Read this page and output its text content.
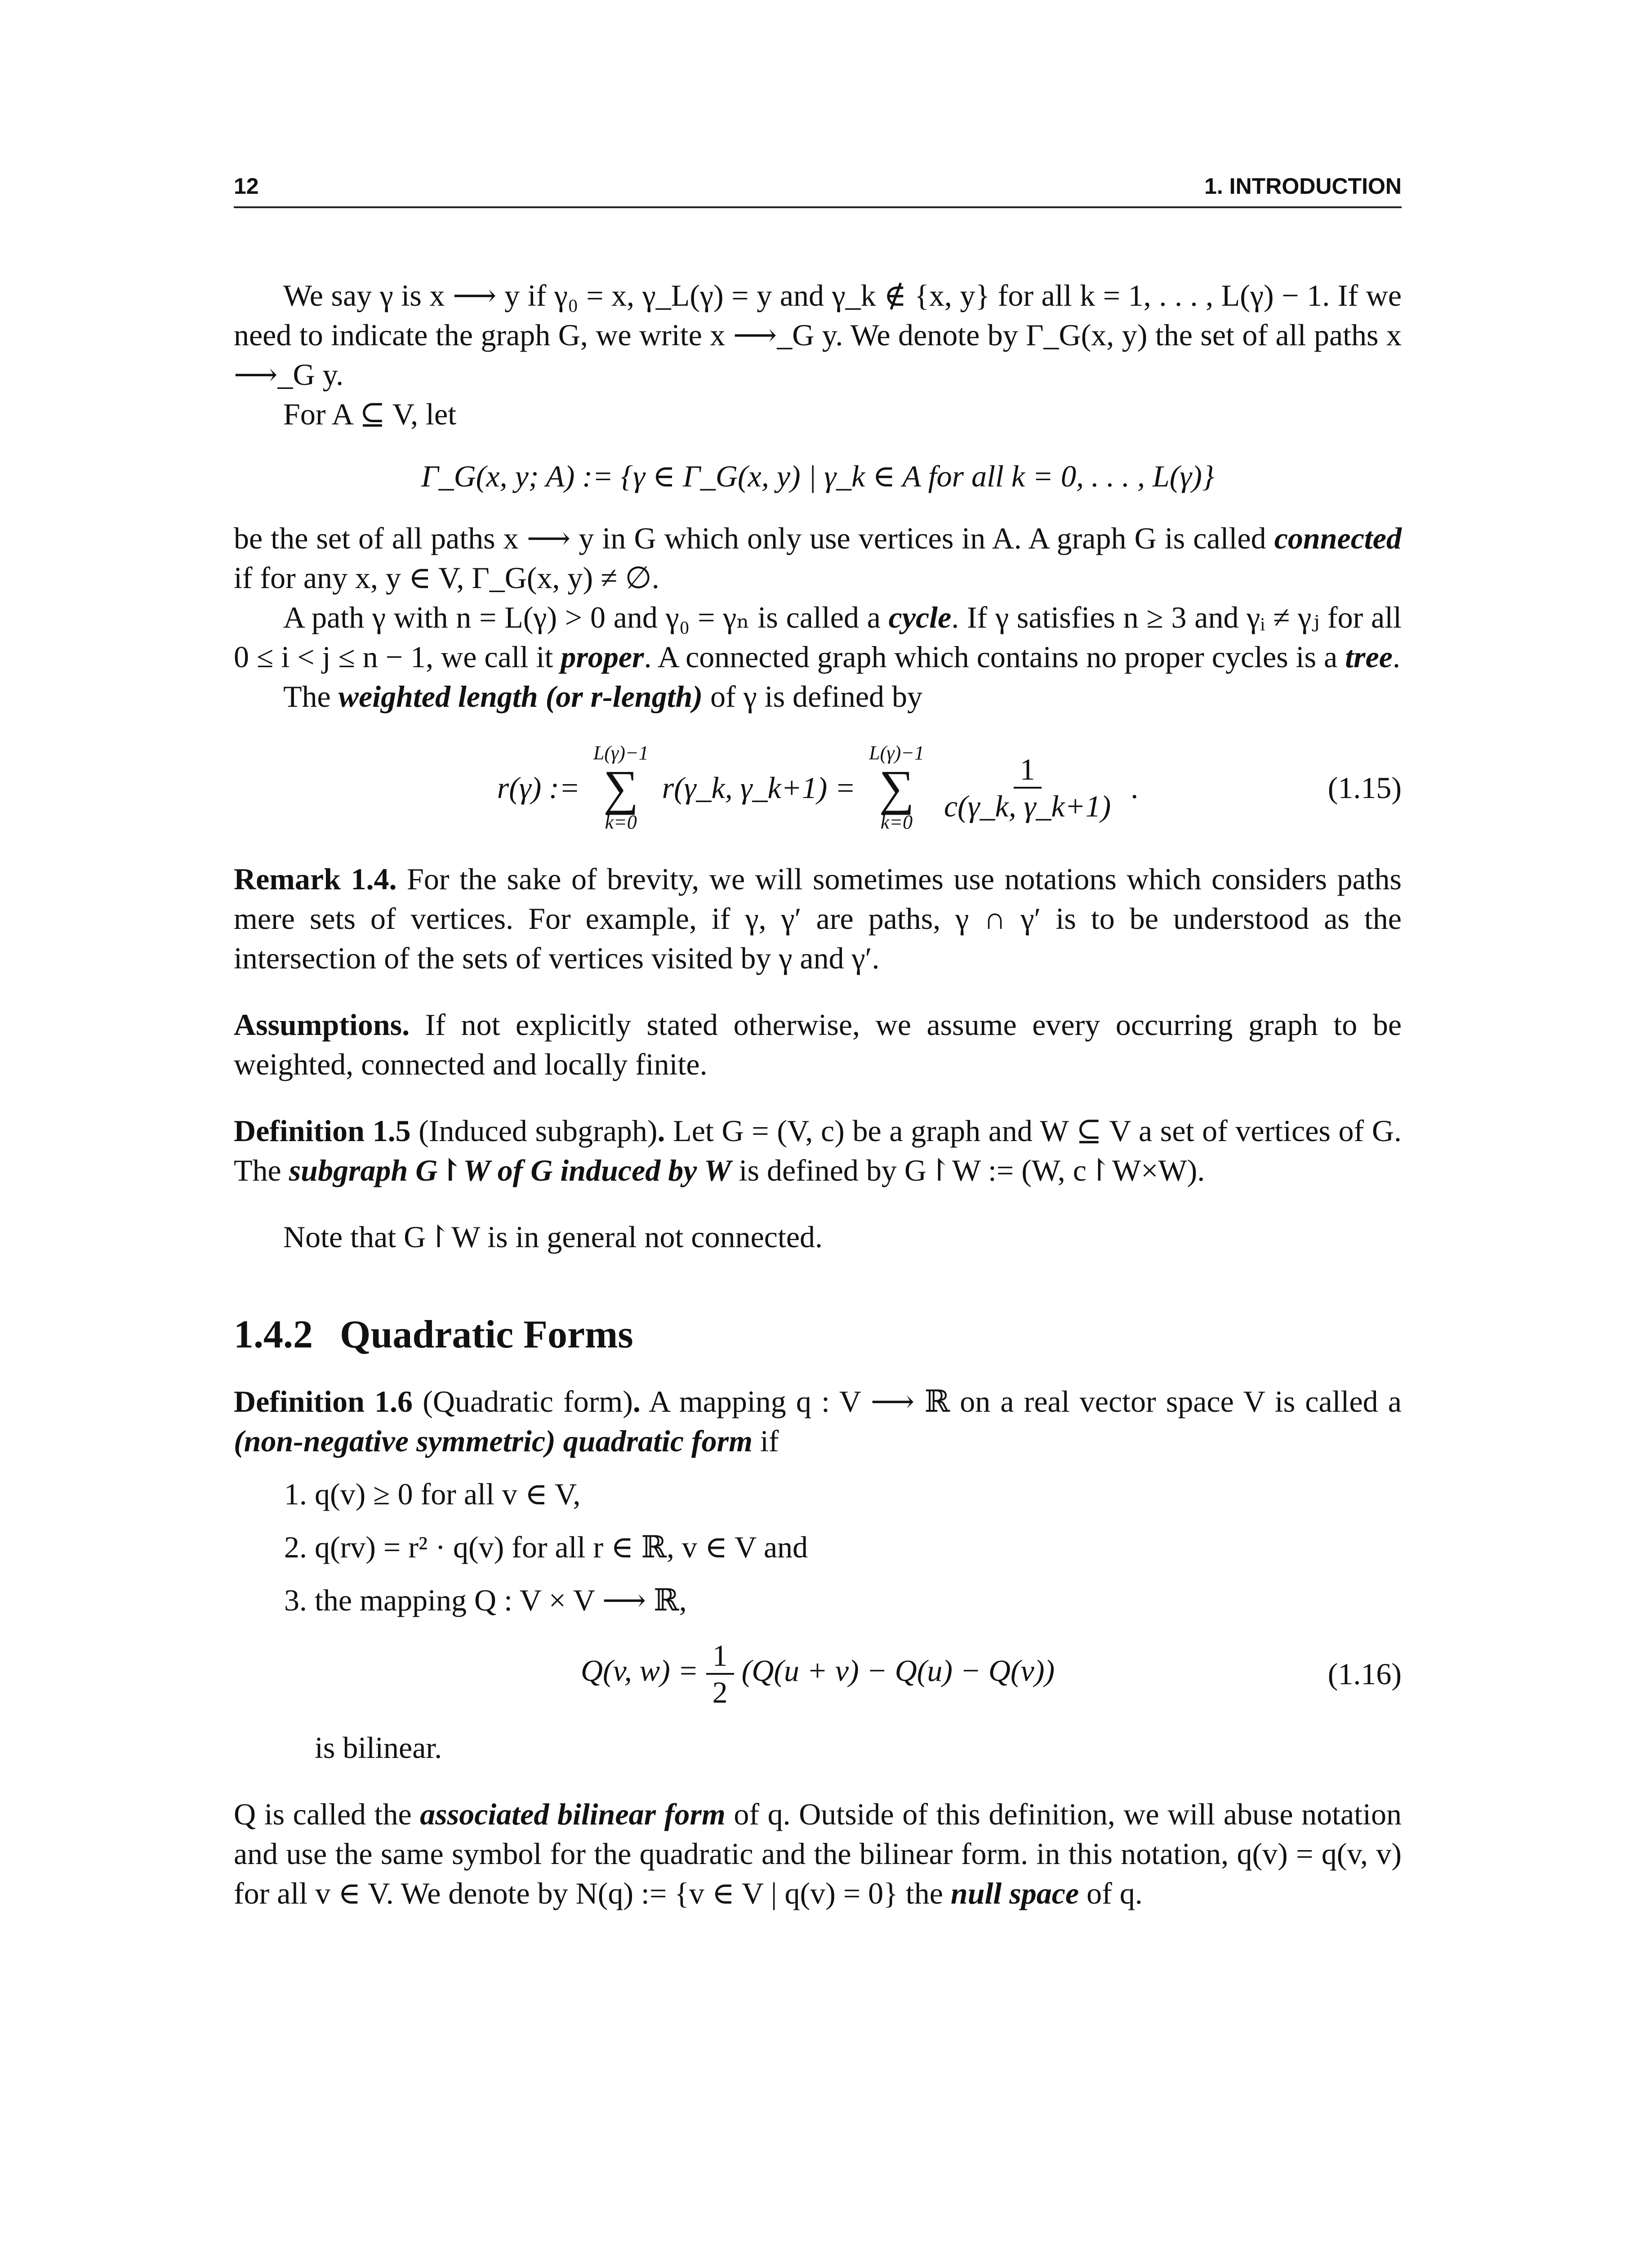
12	1. INTRODUCTION

We say γ is x ⟶ y if γ₀ = x, γ_L(γ) = y and γ_k ∉ {x, y} for all k = 1, . . . , L(γ) − 1. If we need to indicate the graph G, we write x ⟶_G y. We denote by Γ_G(x, y) the set of all paths x ⟶_G y.

For A ⊆ V, let

Γ_G(x, y; A) := {γ ∈ Γ_G(x, y) | γ_k ∈ A for all k = 0, . . . , L(γ)}

be the set of all paths x ⟶ y in G which only use vertices in A. A graph G is called connected if for any x, y ∈ V, Γ_G(x, y) ≠ ∅.

A path γ with n = L(γ) > 0 and γ₀ = γₙ is called a cycle. If γ satisfies n ≥ 3 and γᵢ ≠ γⱼ for all 0 ≤ i < j ≤ n − 1, we call it proper. A connected graph which contains no proper cycles is a tree.

The weighted length (or r-length) of γ is defined by

r(γ) :=
L(γ)−1
∑
k=0
r(γ_k, γ_k+1) =
L(γ)−1
∑
$k=0 \frac{1}{c(\gamma\_k, \gamma\_k+1)}$ .	(1.15)

Remark 1.4. For the sake of brevity, we will sometimes use notations which considers paths mere sets of vertices. For example, if γ, γ′ are paths, γ ∩ γ′ is to be understood as the intersection of the sets of vertices visited by γ and γ′.

Assumptions. If not explicitly stated otherwise, we assume every occurring graph to be weighted, connected and locally finite.

Definition 1.5 (Induced subgraph). Let G = (V, c) be a graph and W ⊆ V a set of vertices of G. The subgraph G↾W of G induced by W is defined by G↾W := (W, c↾W×W).

Note that G↾W is in general not connected.

1.4.2 Quadratic Forms

Definition 1.6 (Quadratic form). A mapping q : V ⟶ ℝ on a real vector space V is called a (non-negative symmetric) quadratic form if

1. q(v) ≥ 0 for all v ∈ V,
2. q(rv) = r² · q(v) for all r ∈ ℝ, v ∈ V and
3. the mapping Q : V × V ⟶ ℝ,
Q(v, $w) = \frac{1}{2} (Q(u + v) - Q(u) - Q(v))$	(1.16)

is bilinear.

Q is called the associated bilinear form of q. Outside of this definition, we will abuse notation and use the same symbol for the quadratic and the bilinear form. in this notation, q(v) = q(v, v) for all v ∈ V. We denote by N(q) := {v ∈ V | q(v) = 0} the null space of q.
